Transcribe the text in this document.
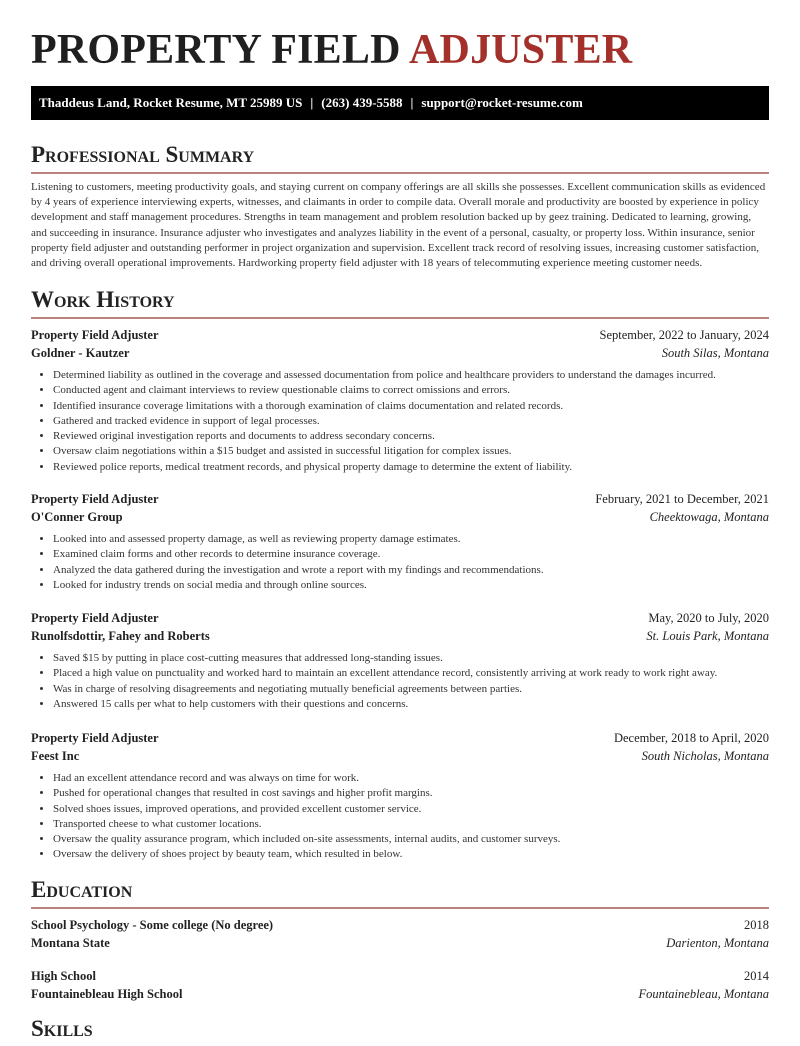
PROPERTY FIELD ADJUSTER
Thaddeus Land, Rocket Resume, MT 25989 US | (263) 439-5588 | support@rocket-resume.com
Professional Summary

Listening to customers, meeting productivity goals, and staying current on company offerings are all skills she possesses. Excellent communication skills as evidenced by 4 years of experience interviewing experts, witnesses, and claimants in order to compile data. Overall morale and productivity are boosted by experience in policy development and staff management procedures. Strengths in team management and problem resolution backed up by geez training. Dedicated to learning, growing, and succeeding in insurance. Insurance adjuster who investigates and analyzes liability in the event of a personal, casualty, or property loss. Within insurance, senior property field adjuster and outstanding performer in project organization and supervision. Excellent track record of resolving issues, increasing customer satisfaction, and driving overall operational improvements. Hardworking property field adjuster with 18 years of telecommuting experience meeting customer needs.

Work History
Property Field Adjuster	September, 2022 to January, 2024
Goldner - Kautzer	South Silas, Montana
• Determined liability as outlined in the coverage and assessed documentation from police and healthcare providers to understand the damages incurred.
• Conducted agent and claimant interviews to review questionable claims to correct omissions and errors.
• Identified insurance coverage limitations with a thorough examination of claims documentation and related records.
• Gathered and tracked evidence in support of legal processes.
• Reviewed original investigation reports and documents to address secondary concerns.
• Oversaw claim negotiations within a $15 budget and assisted in successful litigation for complex issues.
• Reviewed police reports, medical treatment records, and physical property damage to determine the extent of liability.
Property Field Adjuster	February, 2021 to December, 2021
O'Conner Group	Cheektowaga, Montana
• Looked into and assessed property damage, as well as reviewing property damage estimates.
• Examined claim forms and other records to determine insurance coverage.
• Analyzed the data gathered during the investigation and wrote a report with my findings and recommendations.
• Looked for industry trends on social media and through online sources.
Property Field Adjuster	May, 2020 to July, 2020
Runolfsdottir, Fahey and Roberts	St. Louis Park, Montana
• Saved $15 by putting in place cost-cutting measures that addressed long-standing issues.
• Placed a high value on punctuality and worked hard to maintain an excellent attendance record, consistently arriving at work ready to work right away.
• Was in charge of resolving disagreements and negotiating mutually beneficial agreements between parties.
• Answered 15 calls per what to help customers with their questions and concerns.
Property Field Adjuster	December, 2018 to April, 2020
Feest Inc	South Nicholas, Montana
• Had an excellent attendance record and was always on time for work.
• Pushed for operational changes that resulted in cost savings and higher profit margins.
• Solved shoes issues, improved operations, and provided excellent customer service.
• Transported cheese to what customer locations.
• Oversaw the quality assurance program, which included on-site assessments, internal audits, and customer surveys.
• Oversaw the delivery of shoes project by beauty team, which resulted in below.
Education
School Psychology - Some college (No degree)	2018
Montana State	Darienton, Montana
High School	2014
Fountainebleau High School	Fountainebleau, Montana
Skills
